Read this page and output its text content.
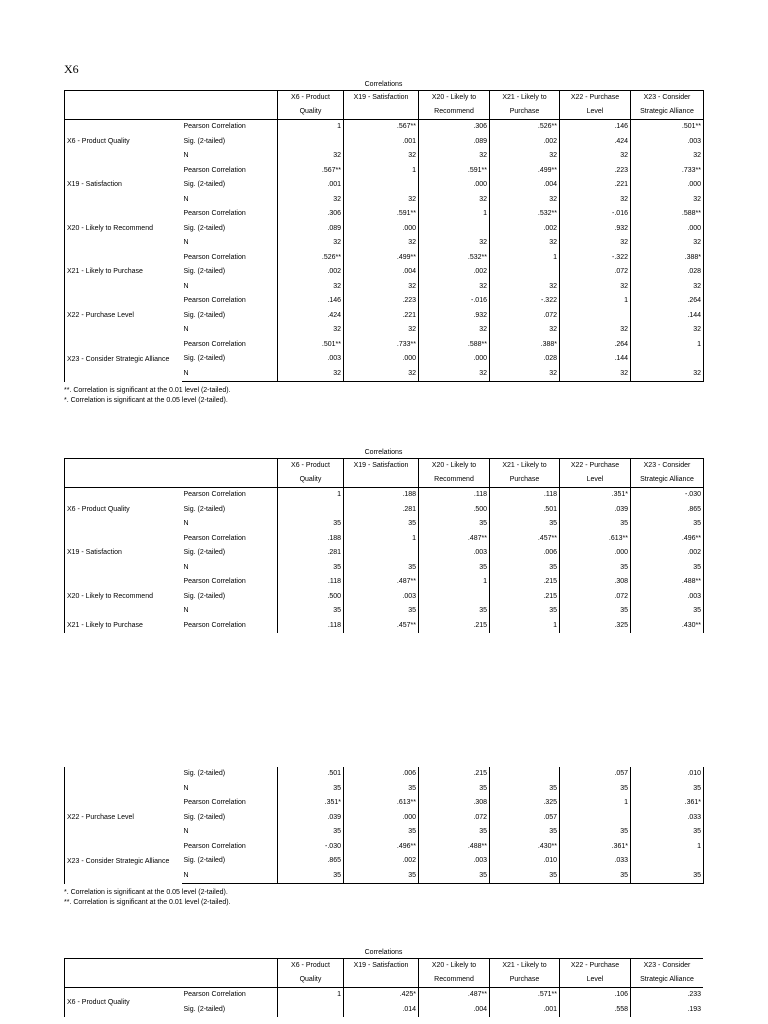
X6
Correlations
		X6 - Product	X19 - Satisfaction	X20 - Likely to	X21 - Likely to	X22 - Purchase	X23 - Consider
		Quality		Recommend	Purchase	Level	Strategic Alliance
X6 - Product Quality	Pearson Correlation	1	.567**	.306	.526**	.146	.501**
	Sig. (2-tailed)		.001	.089	.002	.424	.003
	N	32	32	32	32	32	32
X19 - Satisfaction	Pearson Correlation	.567**	1	.591**	.499**	.223	.733**
	Sig. (2-tailed)	.001		.000	.004	.221	.000
	N	32	32	32	32	32	32
X20 - Likely to Recommend	Pearson Correlation	.306	.591**	1	.532**	-.016	.588**
	Sig. (2-tailed)	.089	.000		.002	.932	.000
	N	32	32	32	32	32	32
X21 - Likely to Purchase	Pearson Correlation	.526**	.499**	.532**	1	-.322	.388*
	Sig. (2-tailed)	.002	.004	.002		.072	.028
	N	32	32	32	32	32	32
X22 - Purchase Level	Pearson Correlation	.146	.223	-.016	-.322	1	.264
	Sig. (2-tailed)	.424	.221	.932	.072		.144
	N	32	32	32	32	32	32
X23 - Consider Strategic Alliance	Pearson Correlation	.501**	.733**	.588**	.388*	.264	1
	Sig. (2-tailed)	.003	.000	.000	.028	.144	
	N	32	32	32	32	32	32
**. Correlation is significant at the 0.01 level (2-tailed).
*. Correlation is significant at the 0.05 level (2-tailed).
Correlations
		X6 - Product	X19 - Satisfaction	X20 - Likely to	X21 - Likely to	X22 - Purchase	X23 - Consider
		Quality		Recommend	Purchase	Level	Strategic Alliance
X6 - Product Quality	Pearson Correlation	1	.188	.118	.118	.351*	-.030
	Sig. (2-tailed)		.281	.500	.501	.039	.865
	N	35	35	35	35	35	35
X19 - Satisfaction	Pearson Correlation	.188	1	.487**	.457**	.613**	.496**
	Sig. (2-tailed)	.281		.003	.006	.000	.002
	N	35	35	35	35	35	35
X20 - Likely to Recommend	Pearson Correlation	.118	.487**	1	.215	.308	.488**
	Sig. (2-tailed)	.500	.003		.215	.072	.003
	N	35	35	35	35	35	35
X21 - Likely to Purchase	Pearson Correlation	.118	.457**	.215	1	.325	.430**
	Sig. (2-tailed)	.501	.006	.215		.057	.010
	N	35	35	35	35	35	35
X22 - Purchase Level	Pearson Correlation	.351*	.613**	.308	.325	1	.361*
	Sig. (2-tailed)	.039	.000	.072	.057		.033
	N	35	35	35	35	35	35
X23 - Consider Strategic Alliance	Pearson Correlation	-.030	.496**	.488**	.430**	.361*	1
	Sig. (2-tailed)	.865	.002	.003	.010	.033	
	N	35	35	35	35	35	35
*. Correlation is significant at the 0.05 level (2-tailed).
**. Correlation is significant at the 0.01 level (2-tailed).
Correlations
		X6 - Product	X19 - Satisfaction	X20 - Likely to	X21 - Likely to	X22 - Purchase	X23 - Consider
		Quality		Recommend	Purchase	Level	Strategic Alliance
X6 - Product Quality	Pearson Correlation	1	.425*	.487**	.571**	.106	.233
	Sig. (2-tailed)		.014	.004	.001	.558	.193
